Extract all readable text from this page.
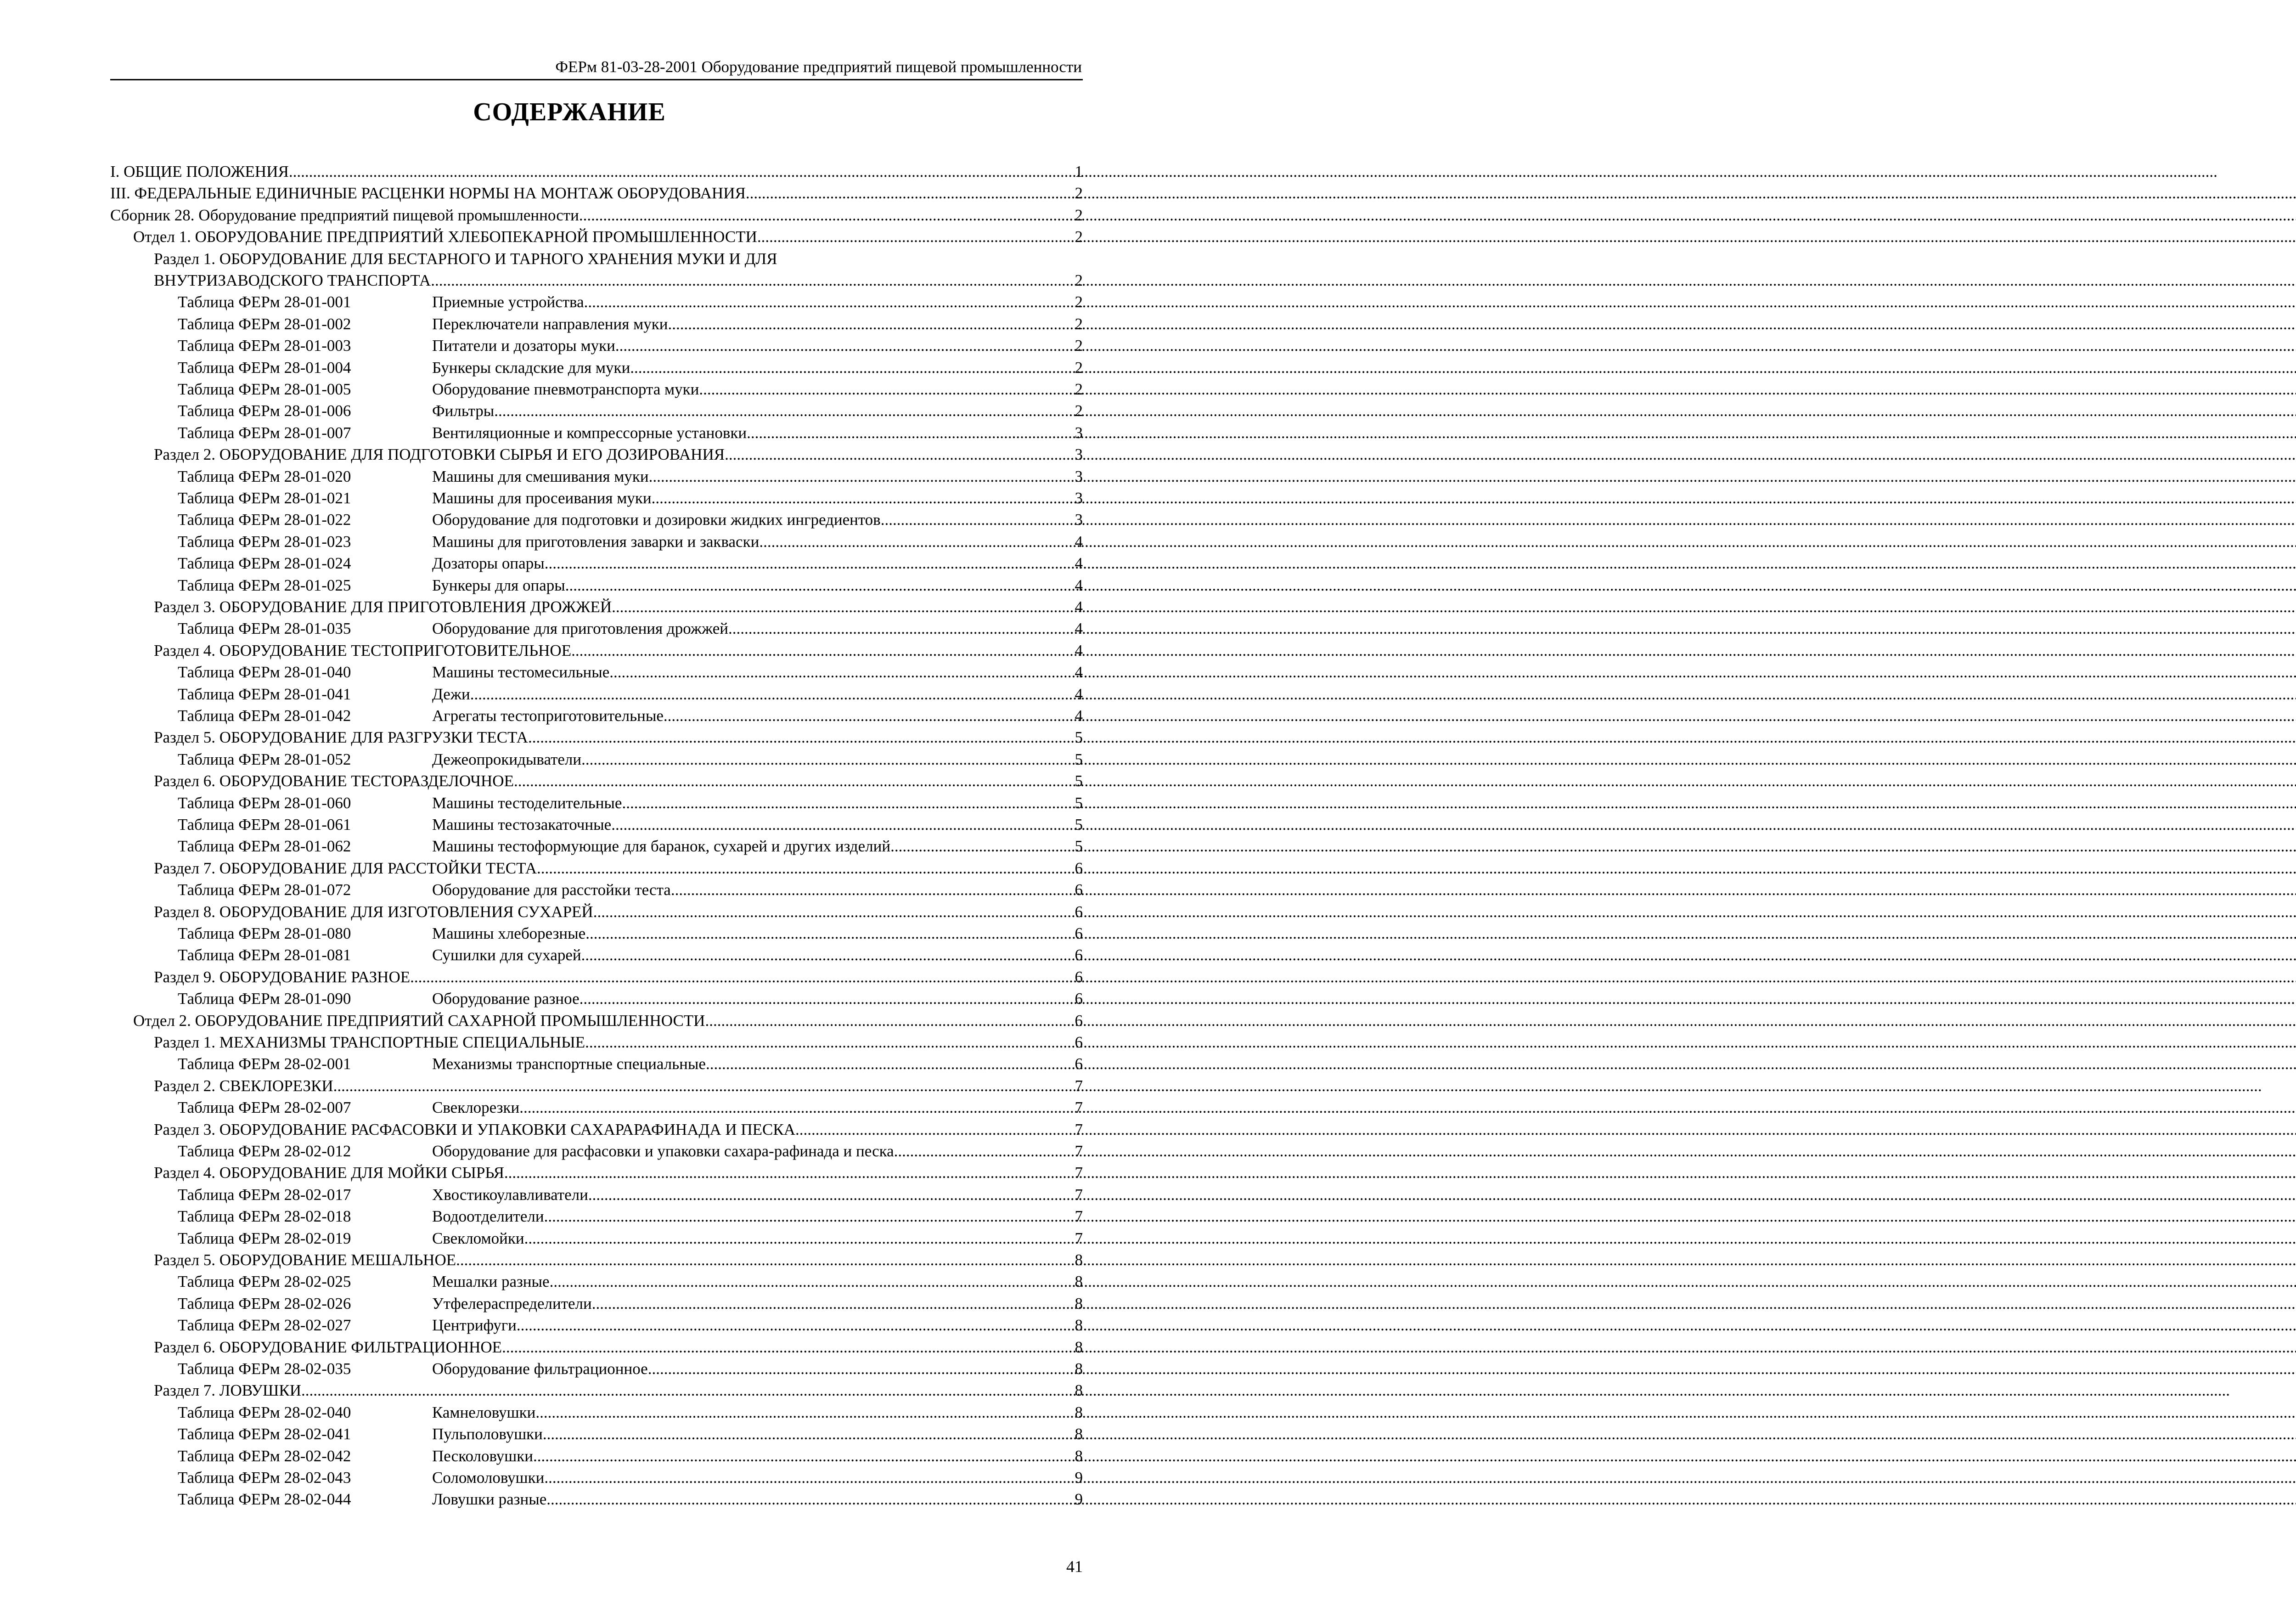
ФЕРм 81-03-28-2001 Оборудование предприятий пищевой промышленности
СОДЕРЖАНИЕ
I. ОБЩИЕ ПОЛОЖЕНИЯ .....	1
III. ФЕДЕРАЛЬНЫЕ ЕДИНИЧНЫЕ РАСЦЕНКИ НОРМЫ НА МОНТАЖ ОБОРУДОВАНИЯ .....	2
Сборник 28. Оборудование предприятий пищевой промышленности .....	2
Отдел 1. ОБОРУДОВАНИЕ ПРЕДПРИЯТИЙ ХЛЕБОПЕКАРНОЙ ПРОМЫШЛЕННОСТИ .....	2
Раздел 1. ОБОРУДОВАНИЕ ДЛЯ БЕСТАРНОГО И ТАРНОГО ХРАНЕНИЯ МУКИ И ДЛЯ
ВНУТРИЗАВОДСКОГО ТРАНСПОРТА .....	2
Таблица ФЕРм 28-01-001	Приемные устройства .....	2
Таблица ФЕРм 28-01-002	Переключатели направления муки .....	2
Таблица ФЕРм 28-01-003	Питатели и дозаторы муки .....	2
Таблица ФЕРм 28-01-004	Бункеры складские для муки .....	2
Таблица ФЕРм 28-01-005	Оборудование пневмотранспорта муки .....	2
Таблица ФЕРм 28-01-006	Фильтры .....	2
Таблица ФЕРм 28-01-007	Вентиляционные и компрессорные установки .....	3
Раздел 2. ОБОРУДОВАНИЕ ДЛЯ ПОДГОТОВКИ СЫРЬЯ И ЕГО ДОЗИРОВАНИЯ .....	3
Таблица ФЕРм 28-01-020	Машины для смешивания муки .....	3
Таблица ФЕРм 28-01-021	Машины для просеивания муки .....	3
Таблица ФЕРм 28-01-022	Оборудование для подготовки и дозировки жидких ингредиентов .....	3
Таблица ФЕРм 28-01-023	Машины для приготовления заварки и закваски .....	4
Таблица ФЕРм 28-01-024	Дозаторы опары .....	4
Таблица ФЕРм 28-01-025	Бункеры для опары .....	4
Раздел 3. ОБОРУДОВАНИЕ ДЛЯ ПРИГОТОВЛЕНИЯ ДРОЖЖЕЙ .....	4
Таблица ФЕРм 28-01-035	Оборудование для приготовления дрожжей .....	4
Раздел 4. ОБОРУДОВАНИЕ ТЕСТОПРИГОТОВИТЕЛЬНОЕ .....	4
Таблица ФЕРм 28-01-040	Машины тестомесильные .....	4
Таблица ФЕРм 28-01-041	Дежи .....	4
Таблица ФЕРм 28-01-042	Агрегаты тестоприготовительные .....	4
Раздел 5. ОБОРУДОВАНИЕ ДЛЯ РАЗГРУЗКИ ТЕСТА .....	5
Таблица ФЕРм 28-01-052	Дежеопрокидыватели .....	5
Раздел 6. ОБОРУДОВАНИЕ ТЕСТОРАЗДЕЛОЧНОЕ .....	5
Таблица ФЕРм 28-01-060	Машины тестоделительные .....	5
Таблица ФЕРм 28-01-061	Машины тестозакаточные .....	5
Таблица ФЕРм 28-01-062	Машины тестоформующие для баранок, сухарей и других изделий .....	5
Раздел 7. ОБОРУДОВАНИЕ ДЛЯ РАССТОЙКИ ТЕСТА .....	6
Таблица ФЕРм 28-01-072	Оборудование для расстойки теста .....	6
Раздел 8. ОБОРУДОВАНИЕ ДЛЯ ИЗГОТОВЛЕНИЯ СУХАРЕЙ .....	6
Таблица ФЕРм 28-01-080	Машины хлеборезные .....	6
Таблица ФЕРм 28-01-081	Сушилки для сухарей .....	6
Раздел 9. ОБОРУДОВАНИЕ РАЗНОЕ .....	6
Таблица ФЕРм 28-01-090	Оборудование разное .....	6
Отдел 2. ОБОРУДОВАНИЕ ПРЕДПРИЯТИЙ САХАРНОЙ ПРОМЫШЛЕННОСТИ .....	6
Раздел 1. МЕХАНИЗМЫ ТРАНСПОРТНЫЕ СПЕЦИАЛЬНЫЕ .....	6
Таблица ФЕРм 28-02-001	Механизмы транспортные специальные .....	6
Раздел 2. СВЕКЛОРЕЗКИ .....	7
Таблица ФЕРм 28-02-007	Свеклорезки .....	7
Раздел 3. ОБОРУДОВАНИЕ РАСФАСОВКИ И УПАКОВКИ САХАРАРАФИНАДА И ПЕСКА .....	7
Таблица ФЕРм 28-02-012	Оборудование для расфасовки и упаковки сахара-рафинада и песка .....	7
Раздел 4. ОБОРУДОВАНИЕ ДЛЯ МОЙКИ СЫРЬЯ .....	7
Таблица ФЕРм 28-02-017	Хвостикоулавливатели .....	7
Таблица ФЕРм 28-02-018	Водоотделители .....	7
Таблица ФЕРм 28-02-019	Свекломойки .....	7
Раздел 5. ОБОРУДОВАНИЕ МЕШАЛЬНОЕ .....	8
Таблица ФЕРм 28-02-025	Мешалки разные .....	8
Таблица ФЕРм 28-02-026	Утфелераспределители .....	8
Таблица ФЕРм 28-02-027	Центрифуги .....	8
Раздел 6. ОБОРУДОВАНИЕ ФИЛЬТРАЦИОННОЕ .....	8
Таблица ФЕРм 28-02-035	Оборудование фильтрационное .....	8
Раздел 7. ЛОВУШКИ .....	8
Таблица ФЕРм 28-02-040	Камнеловушки .....	8
Таблица ФЕРм 28-02-041	Пульполовушки .....	8
Таблица ФЕРм 28-02-042	Песколовушки .....	8
Таблица ФЕРм 28-02-043	Соломоловушки .....	9
Таблица ФЕРм 28-02-044	Ловушки разные .....	9
41
